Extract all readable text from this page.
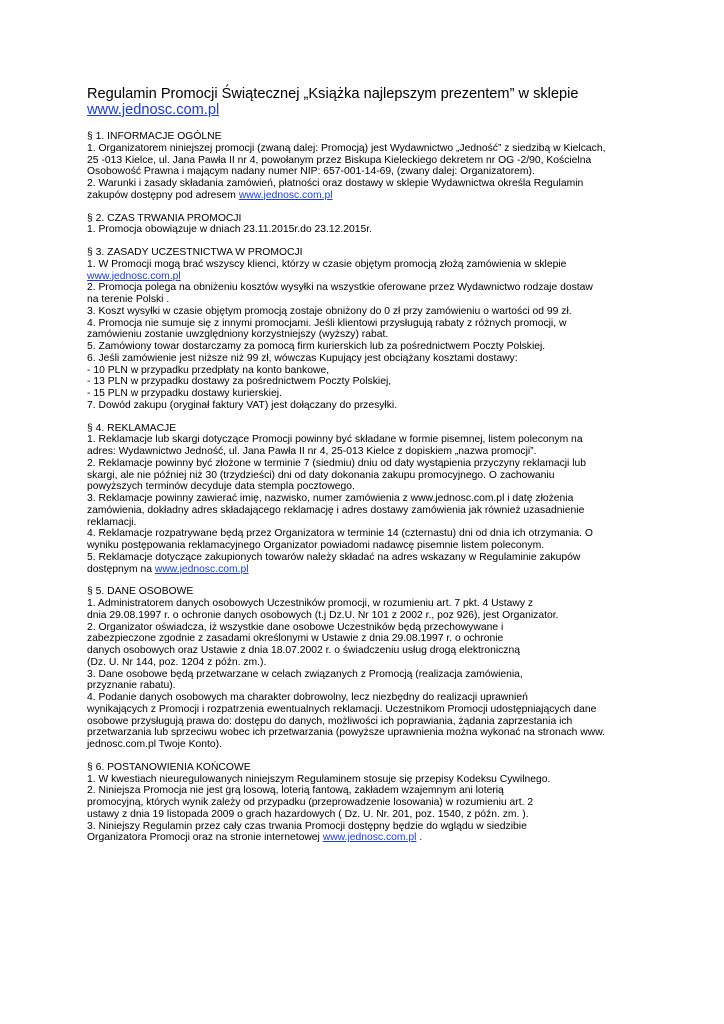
Regulamin Promocji Świątecznej „Książka najlepszym prezentem” w sklepie
www.jednosc.com.pl
§ 1. INFORMACJE OGÓLNE
1. Organizatorem niniejszej promocji (zwaną dalej: Promocją) jest Wydawnictwo „Jedność” z siedzibą w Kielcach,
25 -013 Kielce, ul. Jana Pawła II nr 4, powołanym przez Biskupa Kieleckiego dekretem nr OG -2/90, Kościelna
Osobowość Prawna i mającym nadany numer NIP: 657-001-14-69, (zwany dalej: Organizatorem).
2. Warunki i zasady składania zamówień, płatności oraz dostawy w sklepie Wydawnictwa określa Regulamin
zakupów dostępny pod adresem www.jednosc.com.pl
§ 2. CZAS TRWANIA PROMOCJI
1. Promocja obowiązuje w dniach 23.11.2015r.do 23.12.2015r.
§ 3. ZASADY UCZESTNICTWA W PROMOCJI
1. W Promocji mogą brać wszyscy klienci, którzy w czasie objętym promocją złożą zamówienia w sklepie
www.jednosc.com.pl
2. Promocja polega na obniżeniu kosztów wysyłki na wszystkie oferowane przez Wydawnictwo rodzaje dostaw
na terenie Polski .
3. Koszt wysyłki w czasie objętym promocją zostaje obniżony do 0 zł przy zamówieniu o wartości od 99 zł.
4. Promocja nie sumuje się z innymi promocjami. Jeśli klientowi przysługują rabaty z różnych promocji, w
zamówieniu zostanie uwzględniony korzystniejszy (wyższy) rabat.
5. Zamówiony towar dostarczamy za pomocą firm kurierskich lub za pośrednictwem Poczty Polskiej.
6. Jeśli zamówienie jest niższe niż 99 zł, wówczas Kupujący jest obciążany kosztami dostawy:
- 10 PLN w przypadku przedpłaty na konto bankowe,
- 13 PLN w przypadku dostawy za pośrednictwem Poczty Polskiej,
- 15 PLN w przypadku dostawy kurierskiej.
7. Dowód zakupu (oryginał faktury VAT) jest dołączany do przesyłki.
§ 4. REKLAMACJE
1. Reklamacje lub skargi dotyczące Promocji powinny być składane w formie pisemnej, listem poleconym na
adres: Wydawnictwo Jedność, ul. Jana Pawła II nr 4, 25-013 Kielce z dopiskiem „nazwa promocji”.
2. Reklamacje powinny być złożone w terminie 7 (siedmiu) dniu od daty wystąpienia przyczyny reklamacji lub
skargi, ale nie później niż 30 (trzydzieści) dni od daty dokonania zakupu promocyjnego. O zachowaniu
powyższych terminów decyduje data stempla pocztowego.
3. Reklamacje powinny zawierać imię, nazwisko, numer zamówienia z www.jednosc.com.pl i datę złożenia
zamówienia, dokładny adres składającego reklamację i adres dostawy zamówienia jak również uzasadnienie
reklamacji.
4. Reklamacje rozpatrywane będą przez Organizatora w terminie 14 (czternastu) dni od dnia ich otrzymania. O
wyniku postępowania reklamacyjnego Organizator powiadomi nadawcę pisemnie listem poleconym.
5. Reklamacje dotyczące zakupionych towarów należy składać na adres wskazany w Regulaminie zakupów
dostępnym na www.jednosc.com.pl
§ 5. DANE OSOBOWE
1. Administratorem danych osobowych Uczestników promocji, w rozumieniu art. 7 pkt. 4 Ustawy z
dnia 29.08.1997 r. o ochronie danych osobowych (t.j Dz.U. Nr 101 z 2002 r., poz 926), jest Organizator.
2. Organizator oświadcza, iż wszystkie dane osobowe Uczestników będą przechowywane i
zabezpieczone zgodnie z zasadami określonymi w Ustawie z dnia 29.08.1997 r. o ochronie
danych osobowych oraz Ustawie z dnia 18.07.2002 r. o świadczeniu usług drogą elektroniczną
(Dz. U. Nr 144, poz. 1204 z późn. zm.).
3. Dane osobowe będą przetwarzane w celach związanych z Promocją (realizacja zamówienia,
przyznanie rabatu).
4. Podanie danych osobowych ma charakter dobrowolny, lecz niezbędny do realizacji uprawnień
wynikających z Promocji i rozpatrzenia ewentualnych reklamacji. Uczestnikom Promocji udostępniających dane
osobowe przysługują prawa do: dostępu do danych, możliwości ich poprawiania, żądania zaprzestania ich
przetwarzania lub sprzeciwu wobec ich przetwarzania (powyższe uprawnienia można wykonać na stronach www.
jednosc.com.pl Twoje Konto).
§ 6. POSTANOWIENIA KOŃCOWE
1. W kwestiach nieuregulowanych niniejszym Regulaminem stosuje się przepisy Kodeksu Cywilnego.
2. Niniejsza Promocja nie jest grą losową, loterią fantową, zakładem wzajemnym ani loterią
promocyjną, których wynik zależy od przypadku (przeprowadzenie losowania) w rozumieniu art. 2
ustawy z dnia 19 listopada 2009 o grach hazardowych ( Dz. U. Nr. 201, poz. 1540, z późn. zm. ).
3. Niniejszy Regulamin przez cały czas trwania Promocji dostępny będzie do wglądu w siedzibie
Organizatora Promocji oraz na stronie internetowej www.jednosc.com.pl .
